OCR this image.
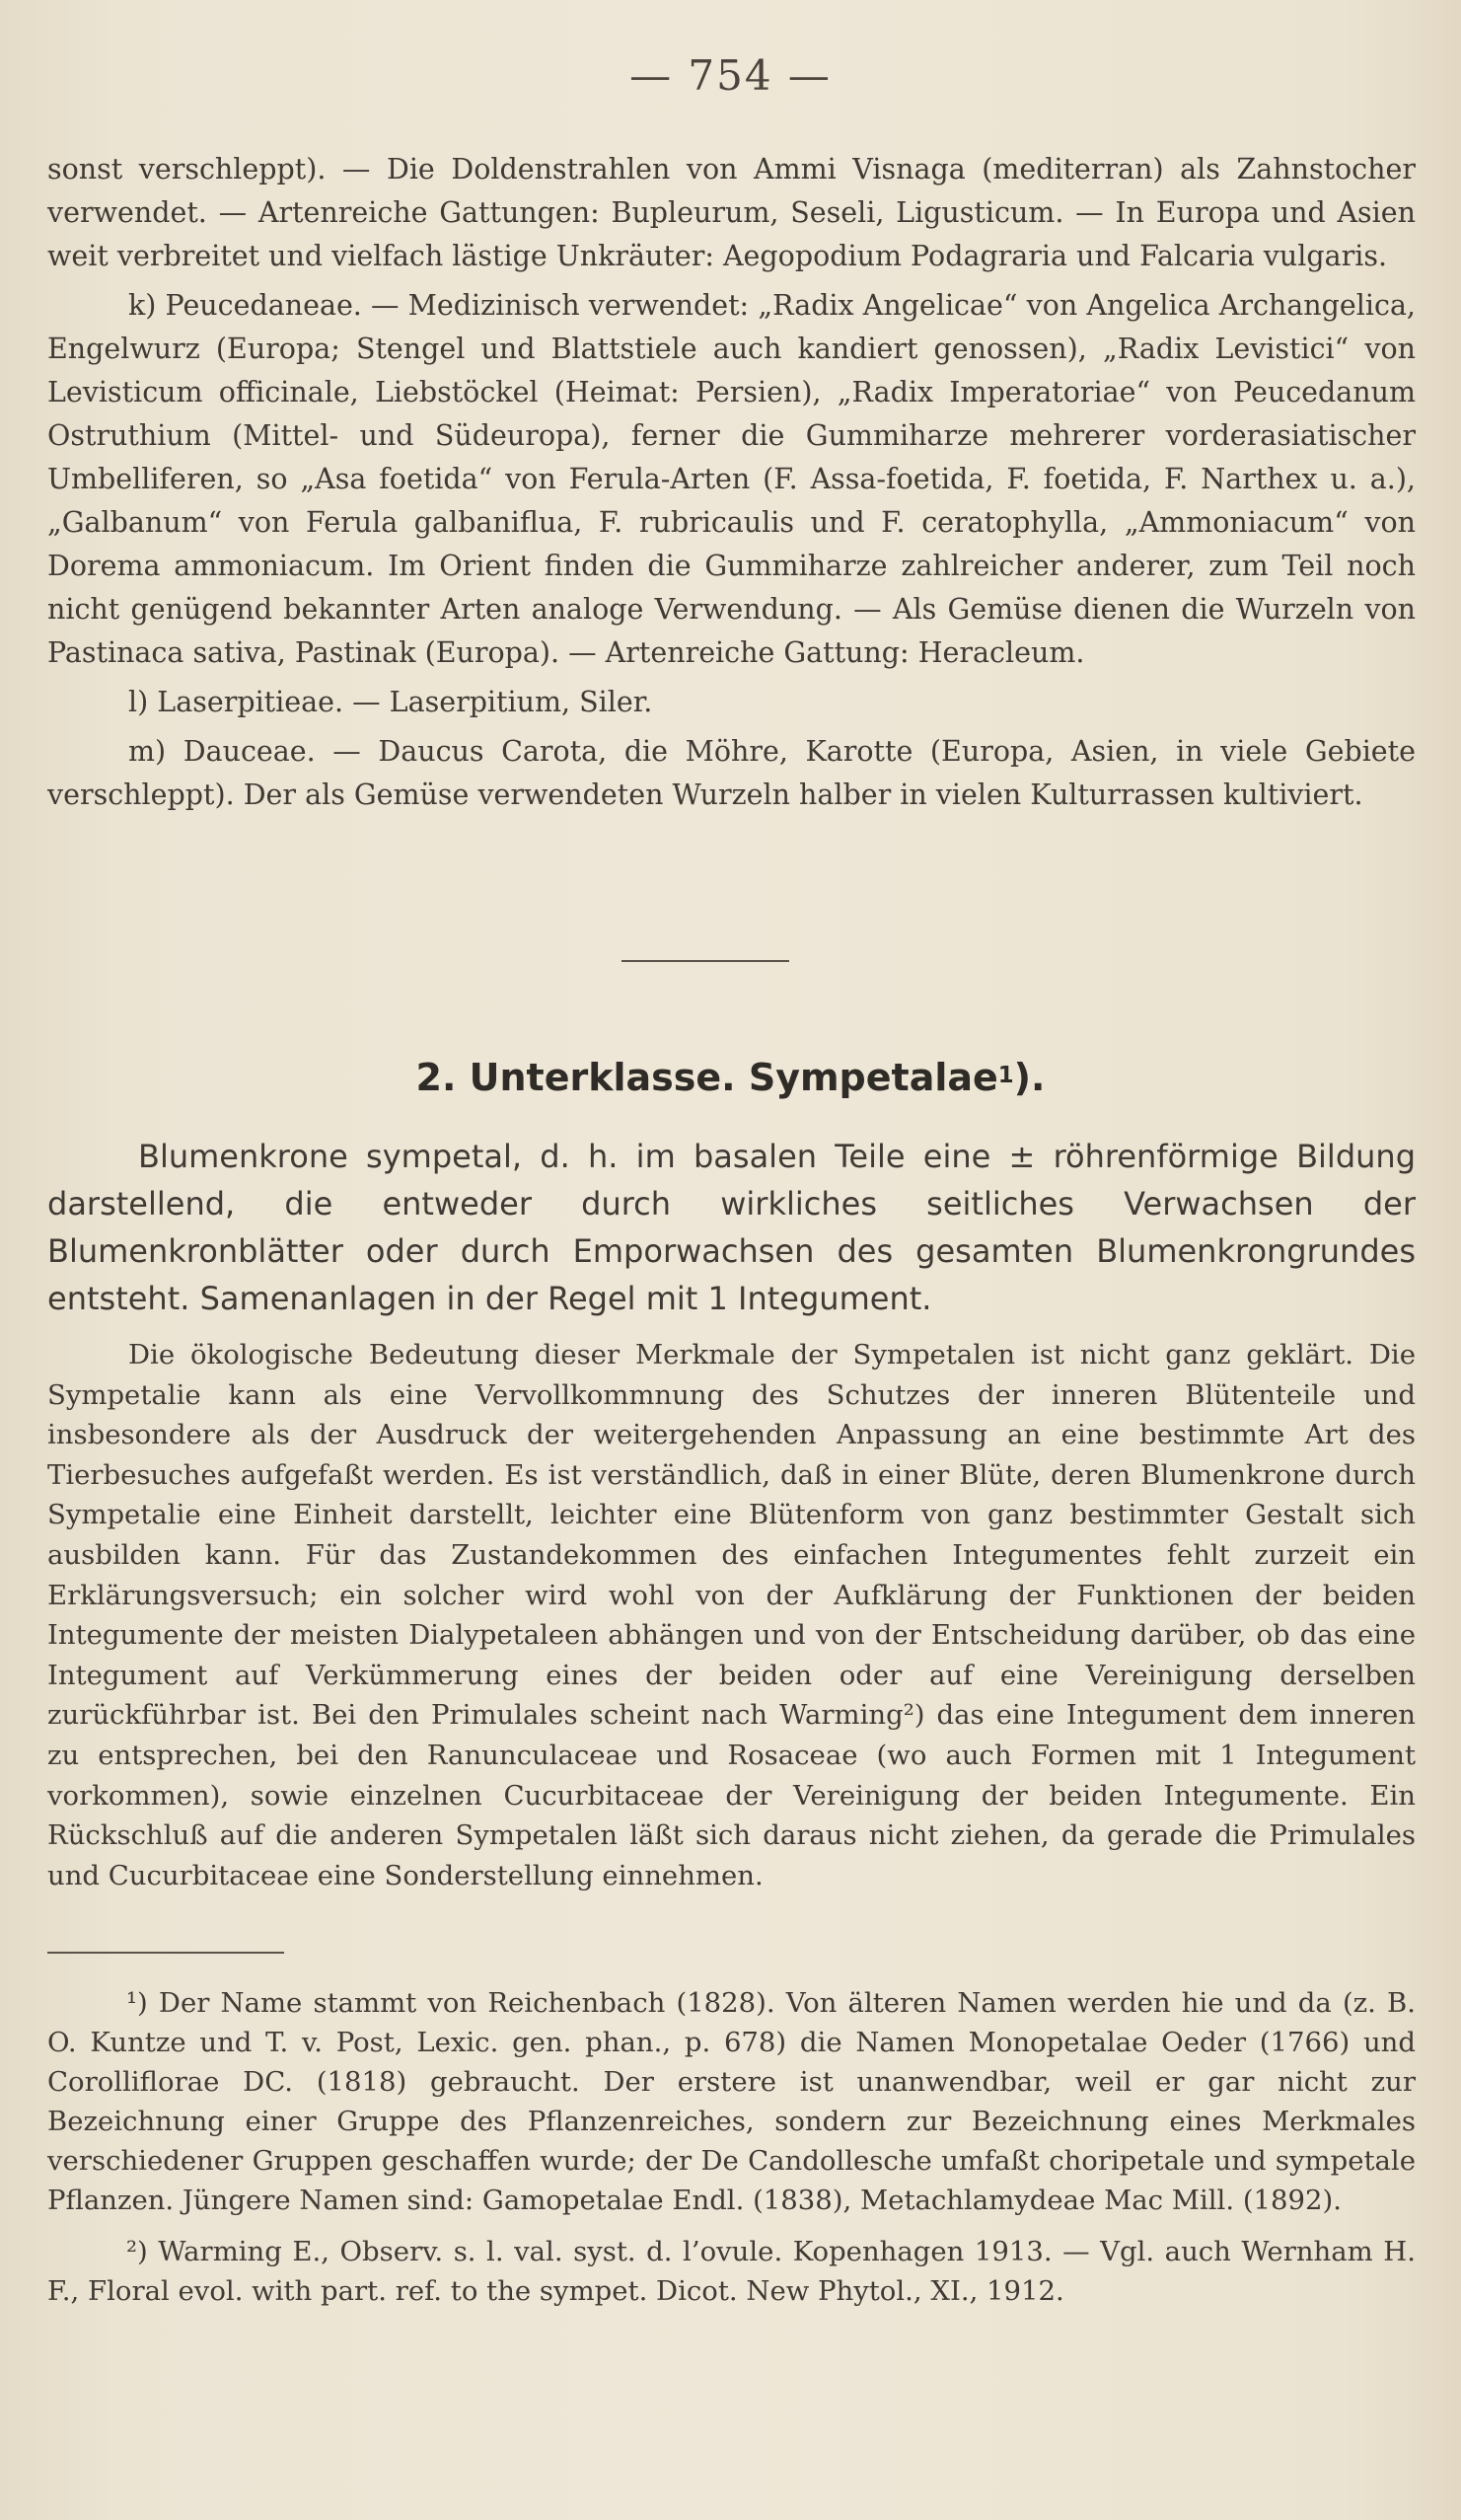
— 754 —

sonst verschleppt). — Die Doldenstrahlen von Ammi Visnaga (mediterran) als Zahnstocher verwendet. — Artenreiche Gattungen: Bupleurum, Seseli, Ligusticum. — In Europa und Asien weit verbreitet und vielfach lästige Unkräuter: Aegopodium Podagraria und Falcaria vulgaris.

k) Peucedaneae. — Medizinisch verwendet: „Radix Angelicae“ von Angelica Archangelica, Engelwurz (Europa; Stengel und Blattstiele auch kandiert genossen), „Radix Levistici“ von Levisticum officinale, Liebstöckel (Heimat: Persien), „Radix Imperatoriae“ von Peucedanum Ostruthium (Mittel- und Südeuropa), ferner die Gummiharze mehrerer vorderasiatischer Umbelliferen, so „Asa foetida“ von Ferula-Arten (F. Assa-foetida, F. foetida, F. Narthex u. a.), „Galbanum“ von Ferula galbaniflua, F. rubricaulis und F. ceratophylla, „Ammoniacum“ von Dorema ammoniacum. Im Orient finden die Gummiharze zahlreicher anderer, zum Teil noch nicht genügend bekannter Arten analoge Verwendung. — Als Gemüse dienen die Wurzeln von Pastinaca sativa, Pastinak (Europa). — Artenreiche Gattung: Heracleum.

l) Laserpitieae. — Laserpitium, Siler.

m) Dauceae. — Daucus Carota, die Möhre, Karotte (Europa, Asien, in viele Gebiete verschleppt). Der als Gemüse verwendeten Wurzeln halber in vielen Kulturrassen kultiviert.

2. Unterklasse. Sympetalae$^1$).

Blumenkrone sympetal, d. h. im basalen Teile eine ± röhrenförmige Bildung darstellend, die entweder durch wirkliches seitliches Verwachsen der Blumenkronblätter oder durch Emporwachsen des gesamten Blumenkrongrundes entsteht. Samenanlagen in der Regel mit 1 Integument.

Die ökologische Bedeutung dieser Merkmale der Sympetalen ist nicht ganz geklärt. Die Sympetalie kann als eine Vervollkommnung des Schutzes der inneren Blütenteile und insbesondere als der Ausdruck der weitergehenden Anpassung an eine bestimmte Art des Tierbesuches aufgefaßt werden. Es ist verständlich, daß in einer Blüte, deren Blumenkrone durch Sympetalie eine Einheit darstellt, leichter eine Blütenform von ganz bestimmter Gestalt sich ausbilden kann. Für das Zustandekommen des einfachen Integumentes fehlt zurzeit ein Erklärungsversuch; ein solcher wird wohl von der Aufklärung der Funktionen der beiden Integumente der meisten Dialypetaleen abhängen und von der Entscheidung darüber, ob das eine Integument auf Verkümmerung eines der beiden oder auf eine Vereinigung derselben zurückführbar ist. Bei den Primulales scheint nach Warming²) das eine Integument dem inneren zu entsprechen, bei den Ranunculaceae und Rosaceae (wo auch Formen mit 1 Integument vorkommen), sowie einzelnen Cucurbitaceae der Vereinigung der beiden Integumente. Ein Rückschluß auf die anderen Sympetalen läßt sich daraus nicht ziehen, da gerade die Primulales und Cucurbitaceae eine Sonderstellung einnehmen.

¹) Der Name stammt von Reichenbach (1828). Von älteren Namen werden hie und da (z. B. O. Kuntze und T. v. Post, Lexic. gen. phan., p. 678) die Namen Monopetalae Oeder (1766) und Corolliflorae DC. (1818) gebraucht. Der erstere ist unanwendbar, weil er gar nicht zur Bezeichnung einer Gruppe des Pflanzenreiches, sondern zur Bezeichnung eines Merkmales verschiedener Gruppen geschaffen wurde; der De Candollesche umfaßt choripetale und sympetale Pflanzen. Jüngere Namen sind: Gamopetalae Endl. (1838), Metachlamydeae Mac Mill. (1892).

²) Warming E., Observ. s. l. val. syst. d. l’ovule. Kopenhagen 1913. — Vgl. auch Wernham H. F., Floral evol. with part. ref. to the sympet. Dicot. New Phytol., XI., 1912.
